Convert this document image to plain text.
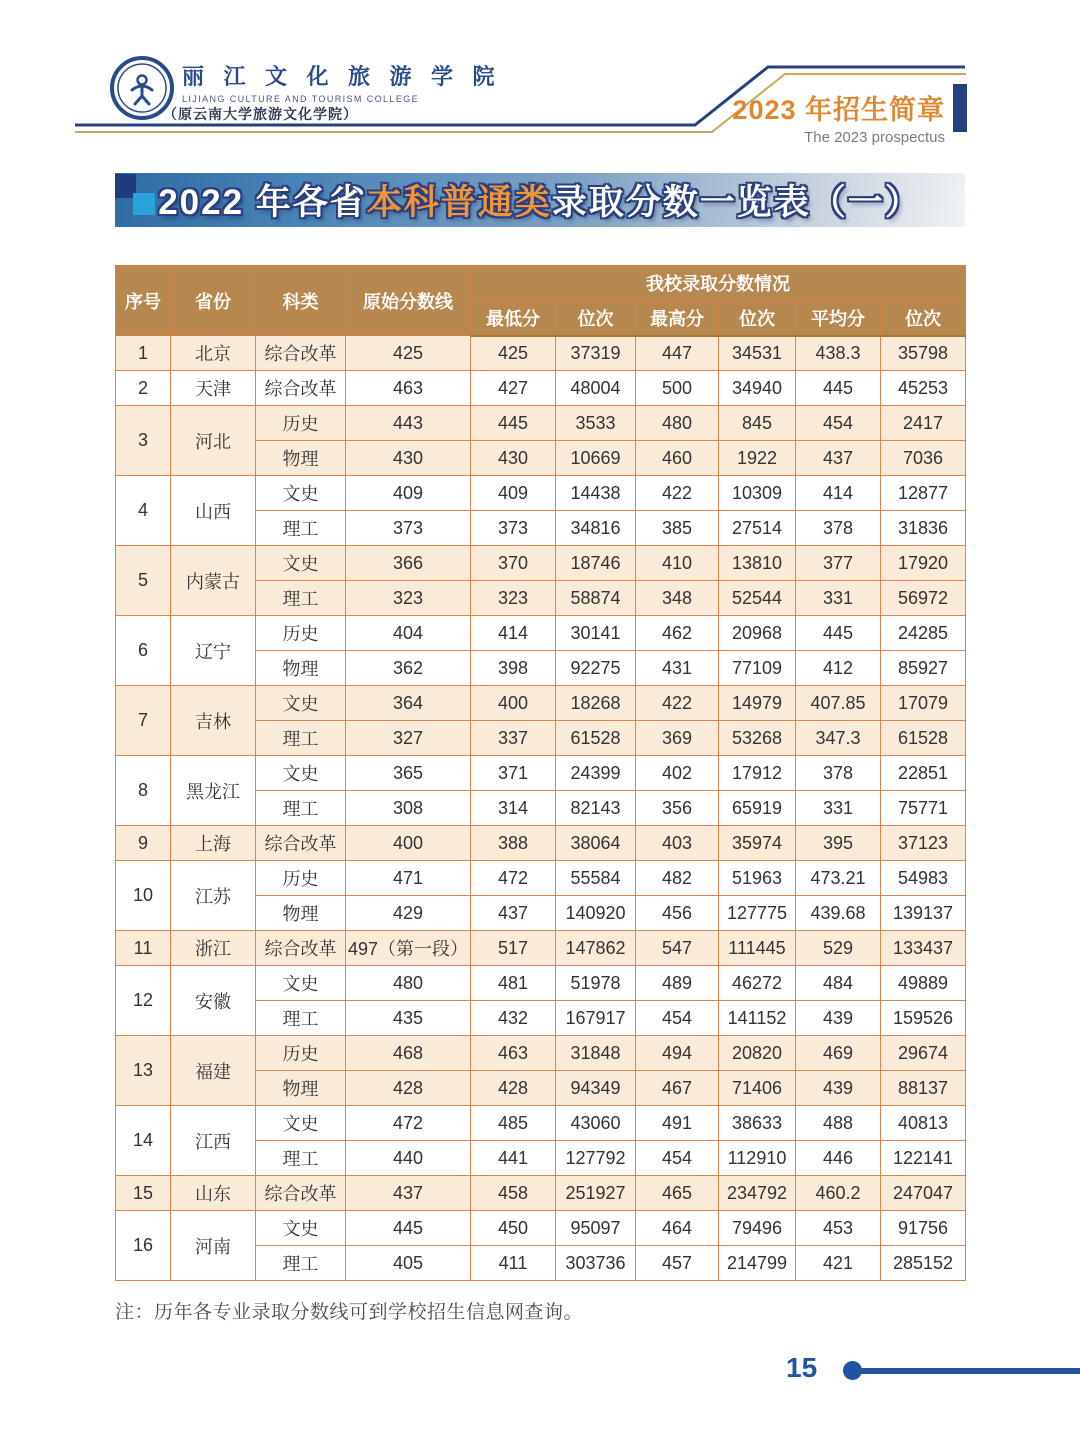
丽 江 文 化 旅 游 学 院
LIJIANG CULTURE AND TOURISM COLLEGE
（原云南大学旅游文化学院）	2023 年招生简章
The 2023 prospectus
2022 年各省本科普通类录取分数一览表（一）
序号	省份	科类	原始分数线	我校录取分数情况					
				最低分	位次	最高分	位次	平均分	位次
1	北京	综合改革	425	425	37319	447	34531	438.3	35798
2	天津	综合改革	463	427	48004	500	34940	445	45253
3	河北	历史	443	445	3533	480	845	454	2417
		物理	430	430	10669	460	1922	437	7036
4	山西	文史	409	409	14438	422	10309	414	12877
		理工	373	373	34816	385	27514	378	31836
5	内蒙古	文史	366	370	18746	410	13810	377	17920
		理工	323	323	58874	348	52544	331	56972
6	辽宁	历史	404	414	30141	462	20968	445	24285
		物理	362	398	92275	431	77109	412	85927
7	吉林	文史	364	400	18268	422	14979	407.85	17079
		理工	327	337	61528	369	53268	347.3	61528
8	黑龙江	文史	365	371	24399	402	17912	378	22851
		理工	308	314	82143	356	65919	331	75771
9	上海	综合改革	400	388	38064	403	35974	395	37123
10	江苏	历史	471	472	55584	482	51963	473.21	54983
		物理	429	437	140920	456	127775	439.68	139137
11	浙江	综合改革	497（第一段）	517	147862	547	111445	529	133437
12	安徽	文史	480	481	51978	489	46272	484	49889
		理工	435	432	167917	454	141152	439	159526
13	福建	历史	468	463	31848	494	20820	469	29674
		物理	428	428	94349	467	71406	439	88137
14	江西	文史	472	485	43060	491	38633	488	40813
		理工	440	441	127792	454	112910	446	122141
15	山东	综合改革	437	458	251927	465	234792	460.2	247047
16	河南	文史	445	450	95097	464	79496	453	91756
		理工	405	411	303736	457	214799	421	285152
注：历年各专业录取分数线可到学校招生信息网查询。
15
